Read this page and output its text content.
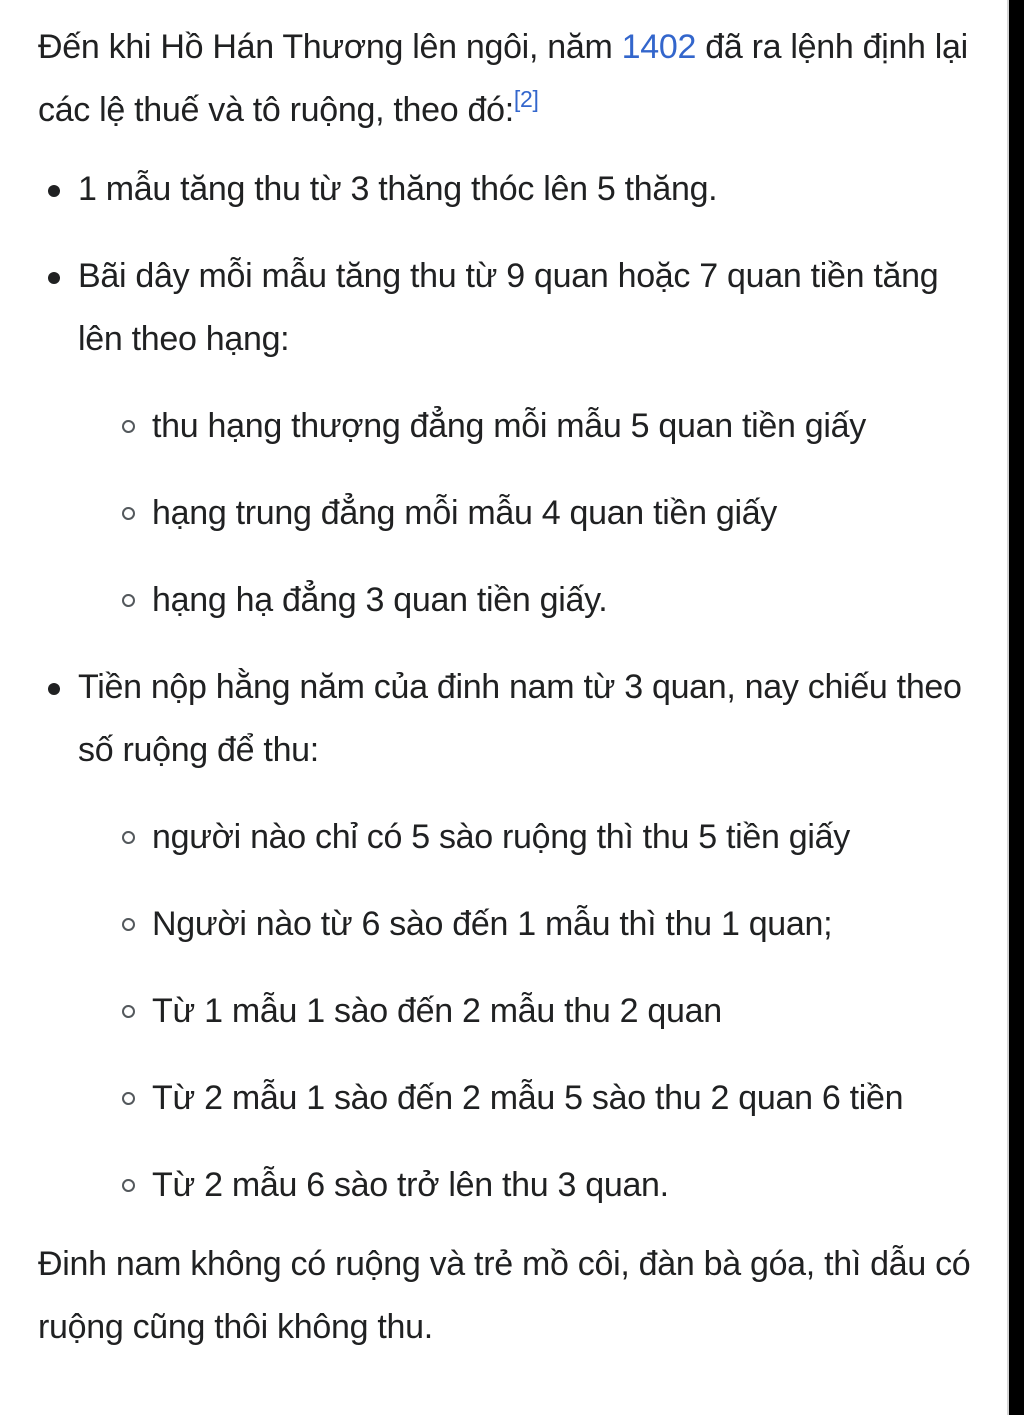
Đến khi Hồ Hán Thương lên ngôi, năm 1402 đã ra lệnh định lại các lệ thuế và tô ruộng, theo đó:[2]

1 mẫu tăng thu từ 3 thăng thóc lên 5 thăng.
Bãi dây mỗi mẫu tăng thu từ 9 quan hoặc 7 quan tiền tăng lên theo hạng:
thu hạng thượng đẳng mỗi mẫu 5 quan tiền giấy
hạng trung đẳng mỗi mẫu 4 quan tiền giấy
hạng hạ đẳng 3 quan tiền giấy.
Tiền nộp hằng năm của đinh nam từ 3 quan, nay chiếu theo số ruộng để thu:
người nào chỉ có 5 sào ruộng thì thu 5 tiền giấy
Người nào từ 6 sào đến 1 mẫu thì thu 1 quan;
Từ 1 mẫu 1 sào đến 2 mẫu thu 2 quan
Từ 2 mẫu 1 sào đến 2 mẫu 5 sào thu 2 quan 6 tiền
Từ 2 mẫu 6 sào trở lên thu 3 quan.

Đinh nam không có ruộng và trẻ mồ côi, đàn bà góa, thì dẫu có ruộng cũng thôi không thu.
